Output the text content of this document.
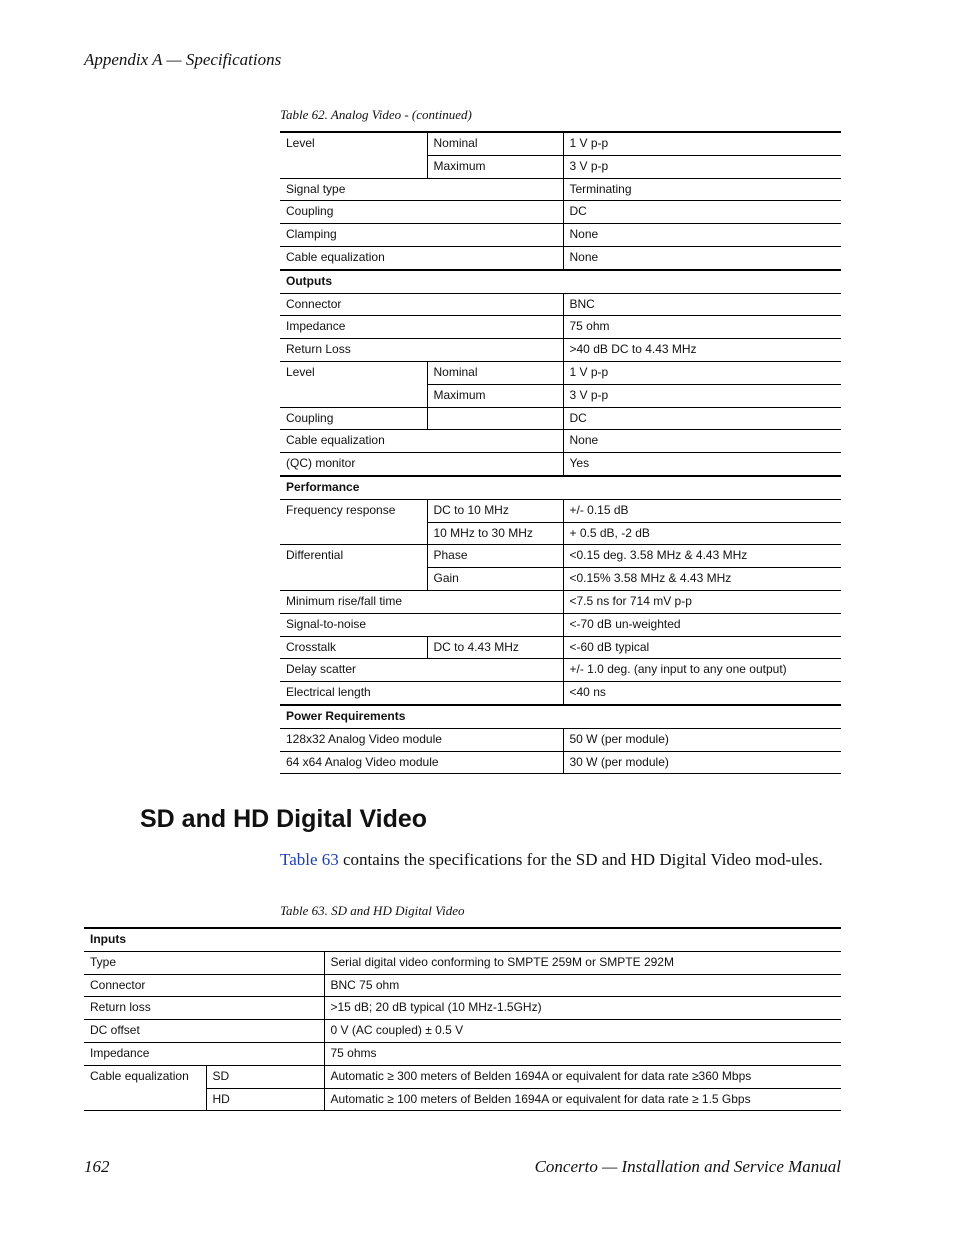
Appendix A — Specifications
Table 62. Analog Video - (continued)
Level	Nominal	1 V p-p
	Maximum	3 V p-p
Signal type		Terminating
Coupling		DC
Clamping		None
Cable equalization		None
Outputs		
Connector		BNC
Impedance		75 ohm
Return Loss		>40 dB DC to 4.43 MHz
Level	Nominal	1 V p-p
	Maximum	3 V p-p
Coupling		DC
Cable equalization		None
(QC) monitor		Yes
Performance		
Frequency response	DC to 10 MHz	+/- 0.15 dB
	10 MHz to 30 MHz	+ 0.5 dB, -2 dB
Differential	Phase	<0.15 deg. 3.58 MHz & 4.43 MHz
	Gain	<0.15% 3.58 MHz & 4.43 MHz
Minimum rise/fall time		<7.5 ns for 714 mV p-p
Signal-to-noise		<-70 dB un-weighted
Crosstalk	DC to 4.43 MHz	<-60 dB typical
Delay scatter		+/- 1.0 deg. (any input to any one output)
Electrical length		<40 ns
Power Requirements		
128x32 Analog Video module		50 W (per module)
64 x64 Analog Video module		30 W (per module)
SD and HD Digital Video
Table 63 contains the specifications for the SD and HD Digital Video mod-ules.
Table 63. SD and HD Digital Video
Inputs		
Type		Serial digital video conforming to SMPTE 259M or SMPTE 292M
Connector		BNC 75 ohm
Return loss		>15 dB; 20 dB typical (10 MHz-1.5GHz)
DC offset		0 V (AC coupled) ± 0.5 V
Impedance		75 ohms
Cable equalization	SD	Automatic ≥ 300 meters of Belden 1694A or equivalent for data rate ≥360 Mbps
	HD	Automatic ≥ 100 meters of Belden 1694A or equivalent for data rate ≥ 1.5 Gbps
162	Concerto — Installation and Service Manual
